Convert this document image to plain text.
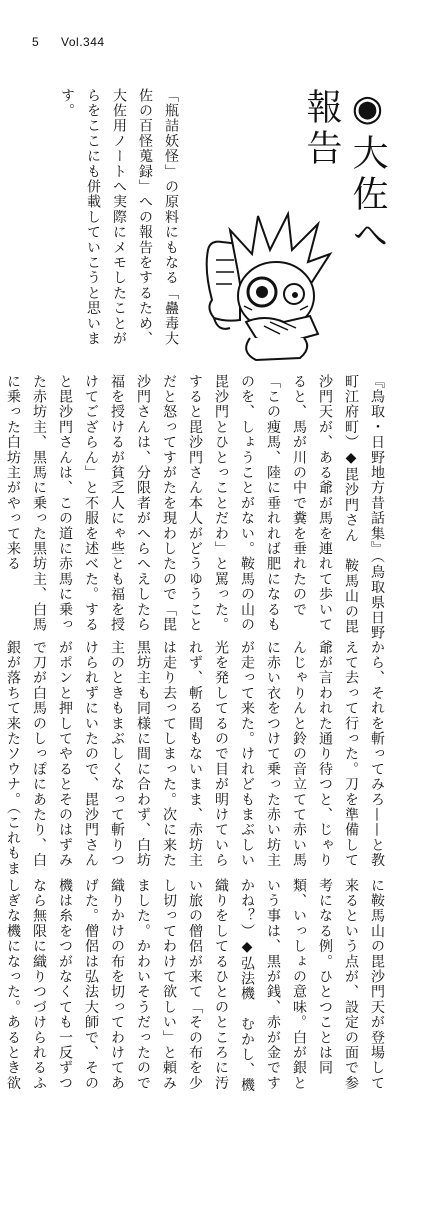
5 Vol.344
◉大佐へ報告
「瓶詰妖怪」の原料にもなる「蠱毒大佐の百怪蒐録」への報告をするため、大佐用ノートへ実際にメモしたことがらをここにも併載していこうと思います。
『鳥取・日野地方昔話集』（鳥取県日野町江府町）◆毘沙門さん　鞍馬山の毘沙門天が、ある爺が馬を連れて歩いてると、馬が川の中で糞を垂れたので「この痩馬、陸に垂れれば肥になるものを、しょうことがない。鞍馬の山の毘沙門とひとっことだわ」と罵った。すると毘沙門さん本人がどうゆうことだと怒ってすがたを現わしたので「毘沙門さんは、分限者がへらへえしたら福を授けるが貧乏人にゃ些とも福を授けてござらん」と不服を述べた。すると毘沙門さんは、この道に赤馬に乗った赤坊主、黒馬に乗った黒坊主、白馬に乗った白坊主がやって来る
から、それを斬ってみろ——と教えて去って行った。刀を準備して爺が言われた通り待つと、じゃりんじゃりんと鈴の音立てて赤い馬に赤い衣をつけて乗った赤い坊主が走って来た。けれどもまぶしい光を発してるので目が明けていられず、斬る間もないまま、赤坊主は走り去ってしまった。次に来た黒坊主も同様に間に合わず、白坊主のときもまぶしくなって斬りつけられずにいたので、毘沙門さんがポンと押してやるとそのはずみで刀が白馬のしっぽにあたり、白銀が落ちて来たソウナ。（これもま
に鞍馬山の毘沙門天が登場して来るという点が、設定の面で参考になる例。ひとつことは同類、いっしょの意味。白が銀という事は、黒が銭、赤が金ですかね？）◆弘法機　むかし、機織りをしてるひとのところに汚い旅の僧侶が来て「その布を少し切ってわけて欲しい」と頼みました。かわいそうだったので織りかけの布を切ってわけてあげた。僧侶は弘法大師で、その機は糸をつがなくても一反ずつなら無限に織りつづけられるふしぎな機になった。あるとき欲
